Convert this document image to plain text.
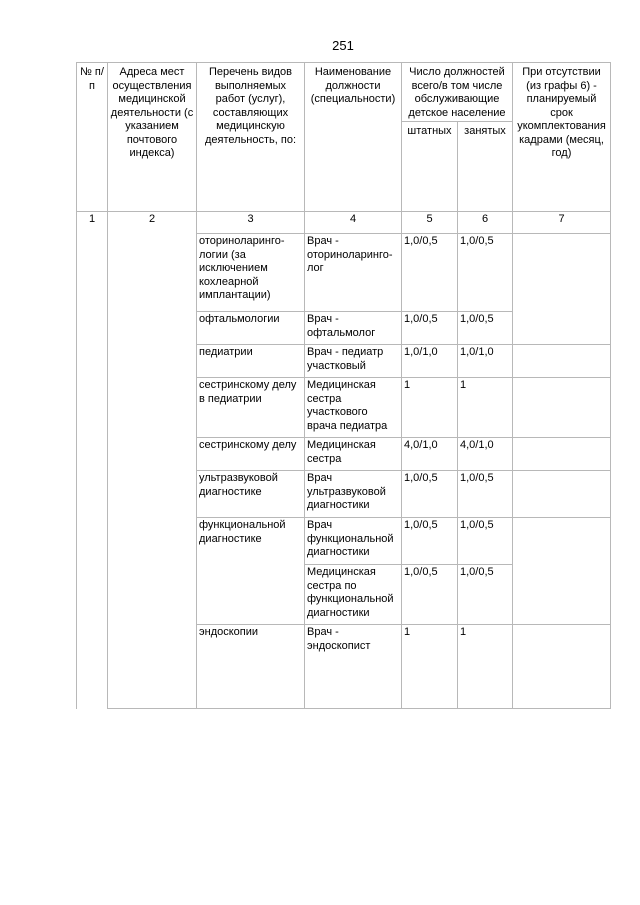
251
№ п/п	Адреса мест осуществления медицинской деятельности (с указанием почтового индекса)	Перечень видов выполняемых работ (услуг), составляющих медицинскую деятельность, по:	Наименование должности (специальности)	Число должностей всего/в том числе обслуживающие детское население		При отсутствии (из графы 6) - планируемый срок укомплектования кадрами (месяц, год)
				штатных	занятых	
1	2	3	4	5	6	7
		оториноларинго-логии (за исключением кохлеарной имплантации)	Врач - оториноларинго-лог	1,0/0,5	1,0/0,5	
		офтальмологии	Врач - офтальмолог	1,0/0,5	1,0/0,5	
		педиатрии	Врач - педиатр участковый	1,0/1,0	1,0/1,0	
		сестринскому делу в педиатрии	Медицинская сестра участкового врача педиатра	1	1	
		сестринскому делу	Медицинская сестра	4,0/1,0	4,0/1,0	
		ультразвуковой диагностике	Врач ультразвуковой диагностики	1,0/0,5	1,0/0,5	
		функциональной диагностике	Врач функциональной диагностики	1,0/0,5	1,0/0,5	
			Медицинская сестра по функциональной диагностики	1,0/0,5	1,0/0,5	
		эндоскопии	Врач - эндоскопист	1	1	
